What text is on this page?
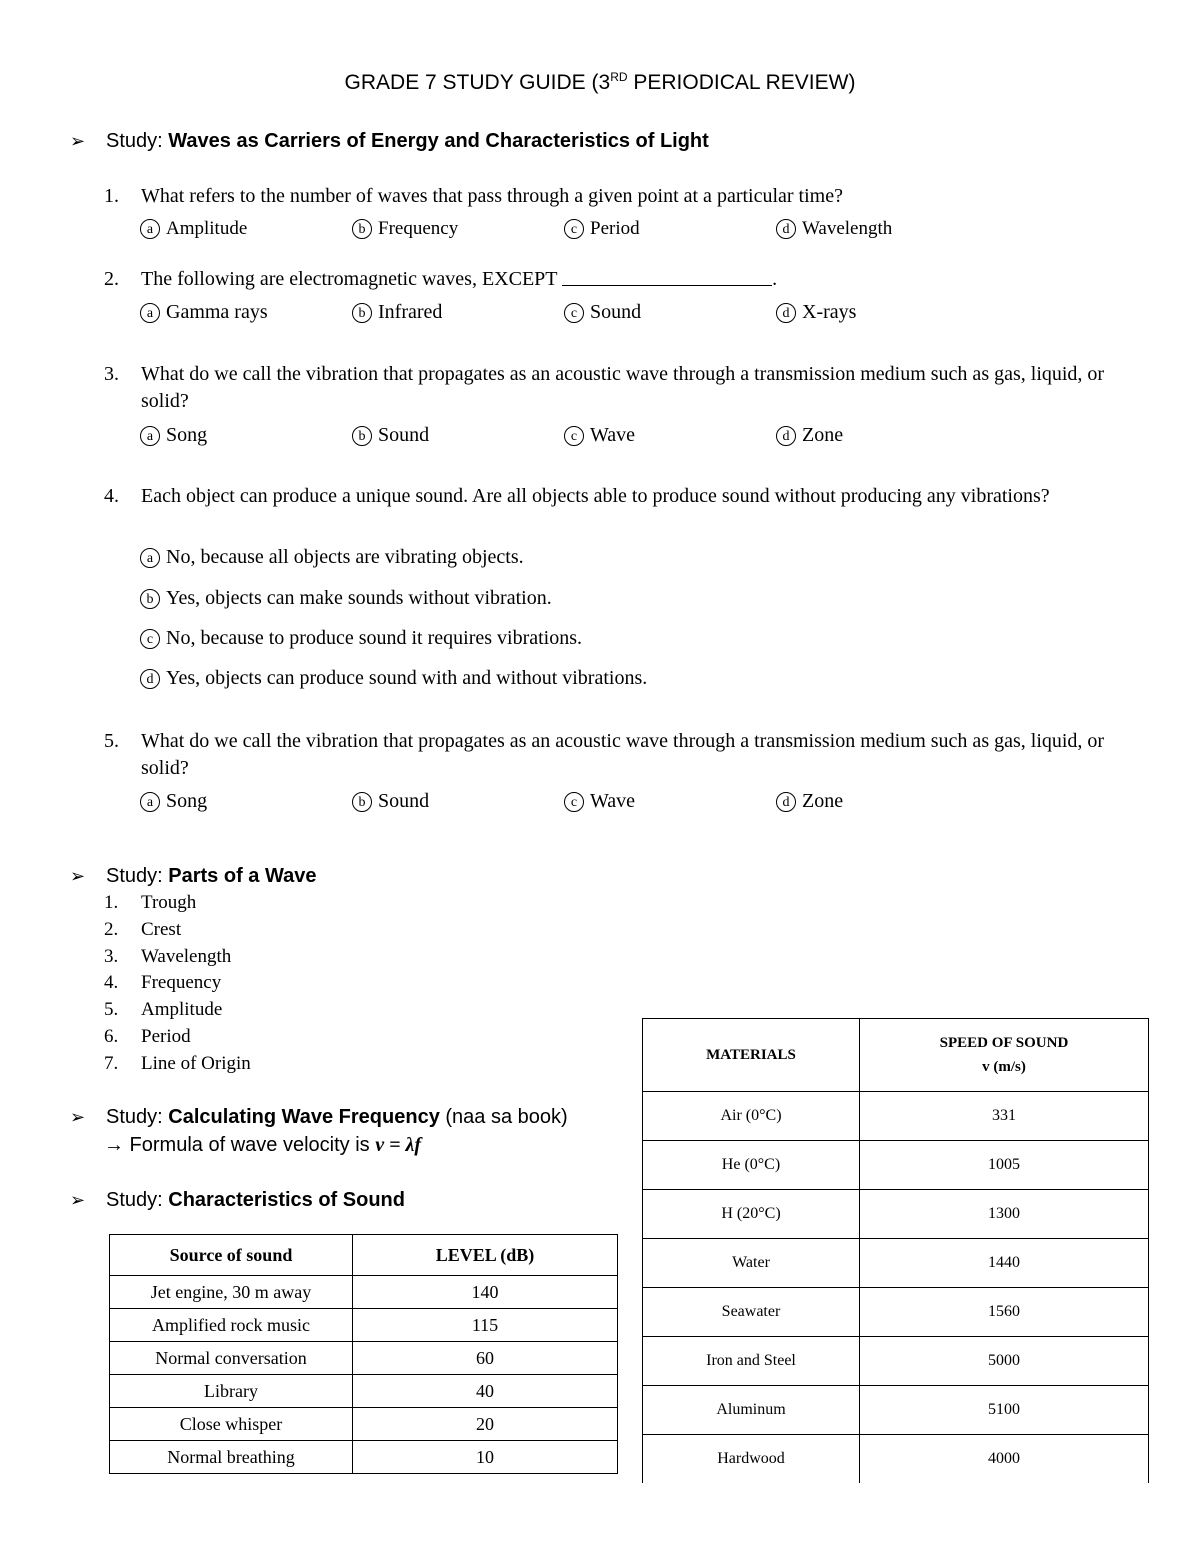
GRADE 7 STUDY GUIDE (3RD PERIODICAL REVIEW)
➢ Study: Waves as Carriers of Energy and Characteristics of Light
1. What refers to the number of waves that pass through a given point at a particular time?
a Amplitude	b Frequency	c Period	d Wavelength
2. The following are electromagnetic waves, EXCEPT	.
a Gamma rays	b Infrared	c Sound	d X-rays
3. What do we call the vibration that propagates as an acoustic wave through a transmission medium such as gas, liquid, or solid?
a Song	b Sound	c Wave	d Zone
4. Each object can produce a unique sound. Are all objects able to produce sound without producing any vibrations?
a No, because all objects are vibrating objects.
b Yes, objects can make sounds without vibration.
c No, because to produce sound it requires vibrations.
d Yes, objects can produce sound with and without vibrations.
5. What do we call the vibration that propagates as an acoustic wave through a transmission medium such as gas, liquid, or solid?
a Song	b Sound	c Wave	d Zone
➢ Study: Parts of a Wave
1. Trough
2. Crest
3. Wavelength
4. Frequency
5. Amplitude
6. Period
7. Line of Origin
➢ Study: Calculating Wave Frequency (naa sa book)
→ Formula of wave velocity is v = λf
➢ Study: Characteristics of Sound
Source of sound	LEVEL (dB)
Jet engine, 30 m away	140
Amplified rock music	115
Normal conversation	60
Library	40
Close whisper	20
Normal breathing	10
MATERIALS	SPEED OF SOUND
v (m/s)
Air (0°C)	331
He (0°C)	1005
H (20°C)	1300
Water	1440
Seawater	1560
Iron and Steel	5000
Aluminum	5100
Hardwood	4000
